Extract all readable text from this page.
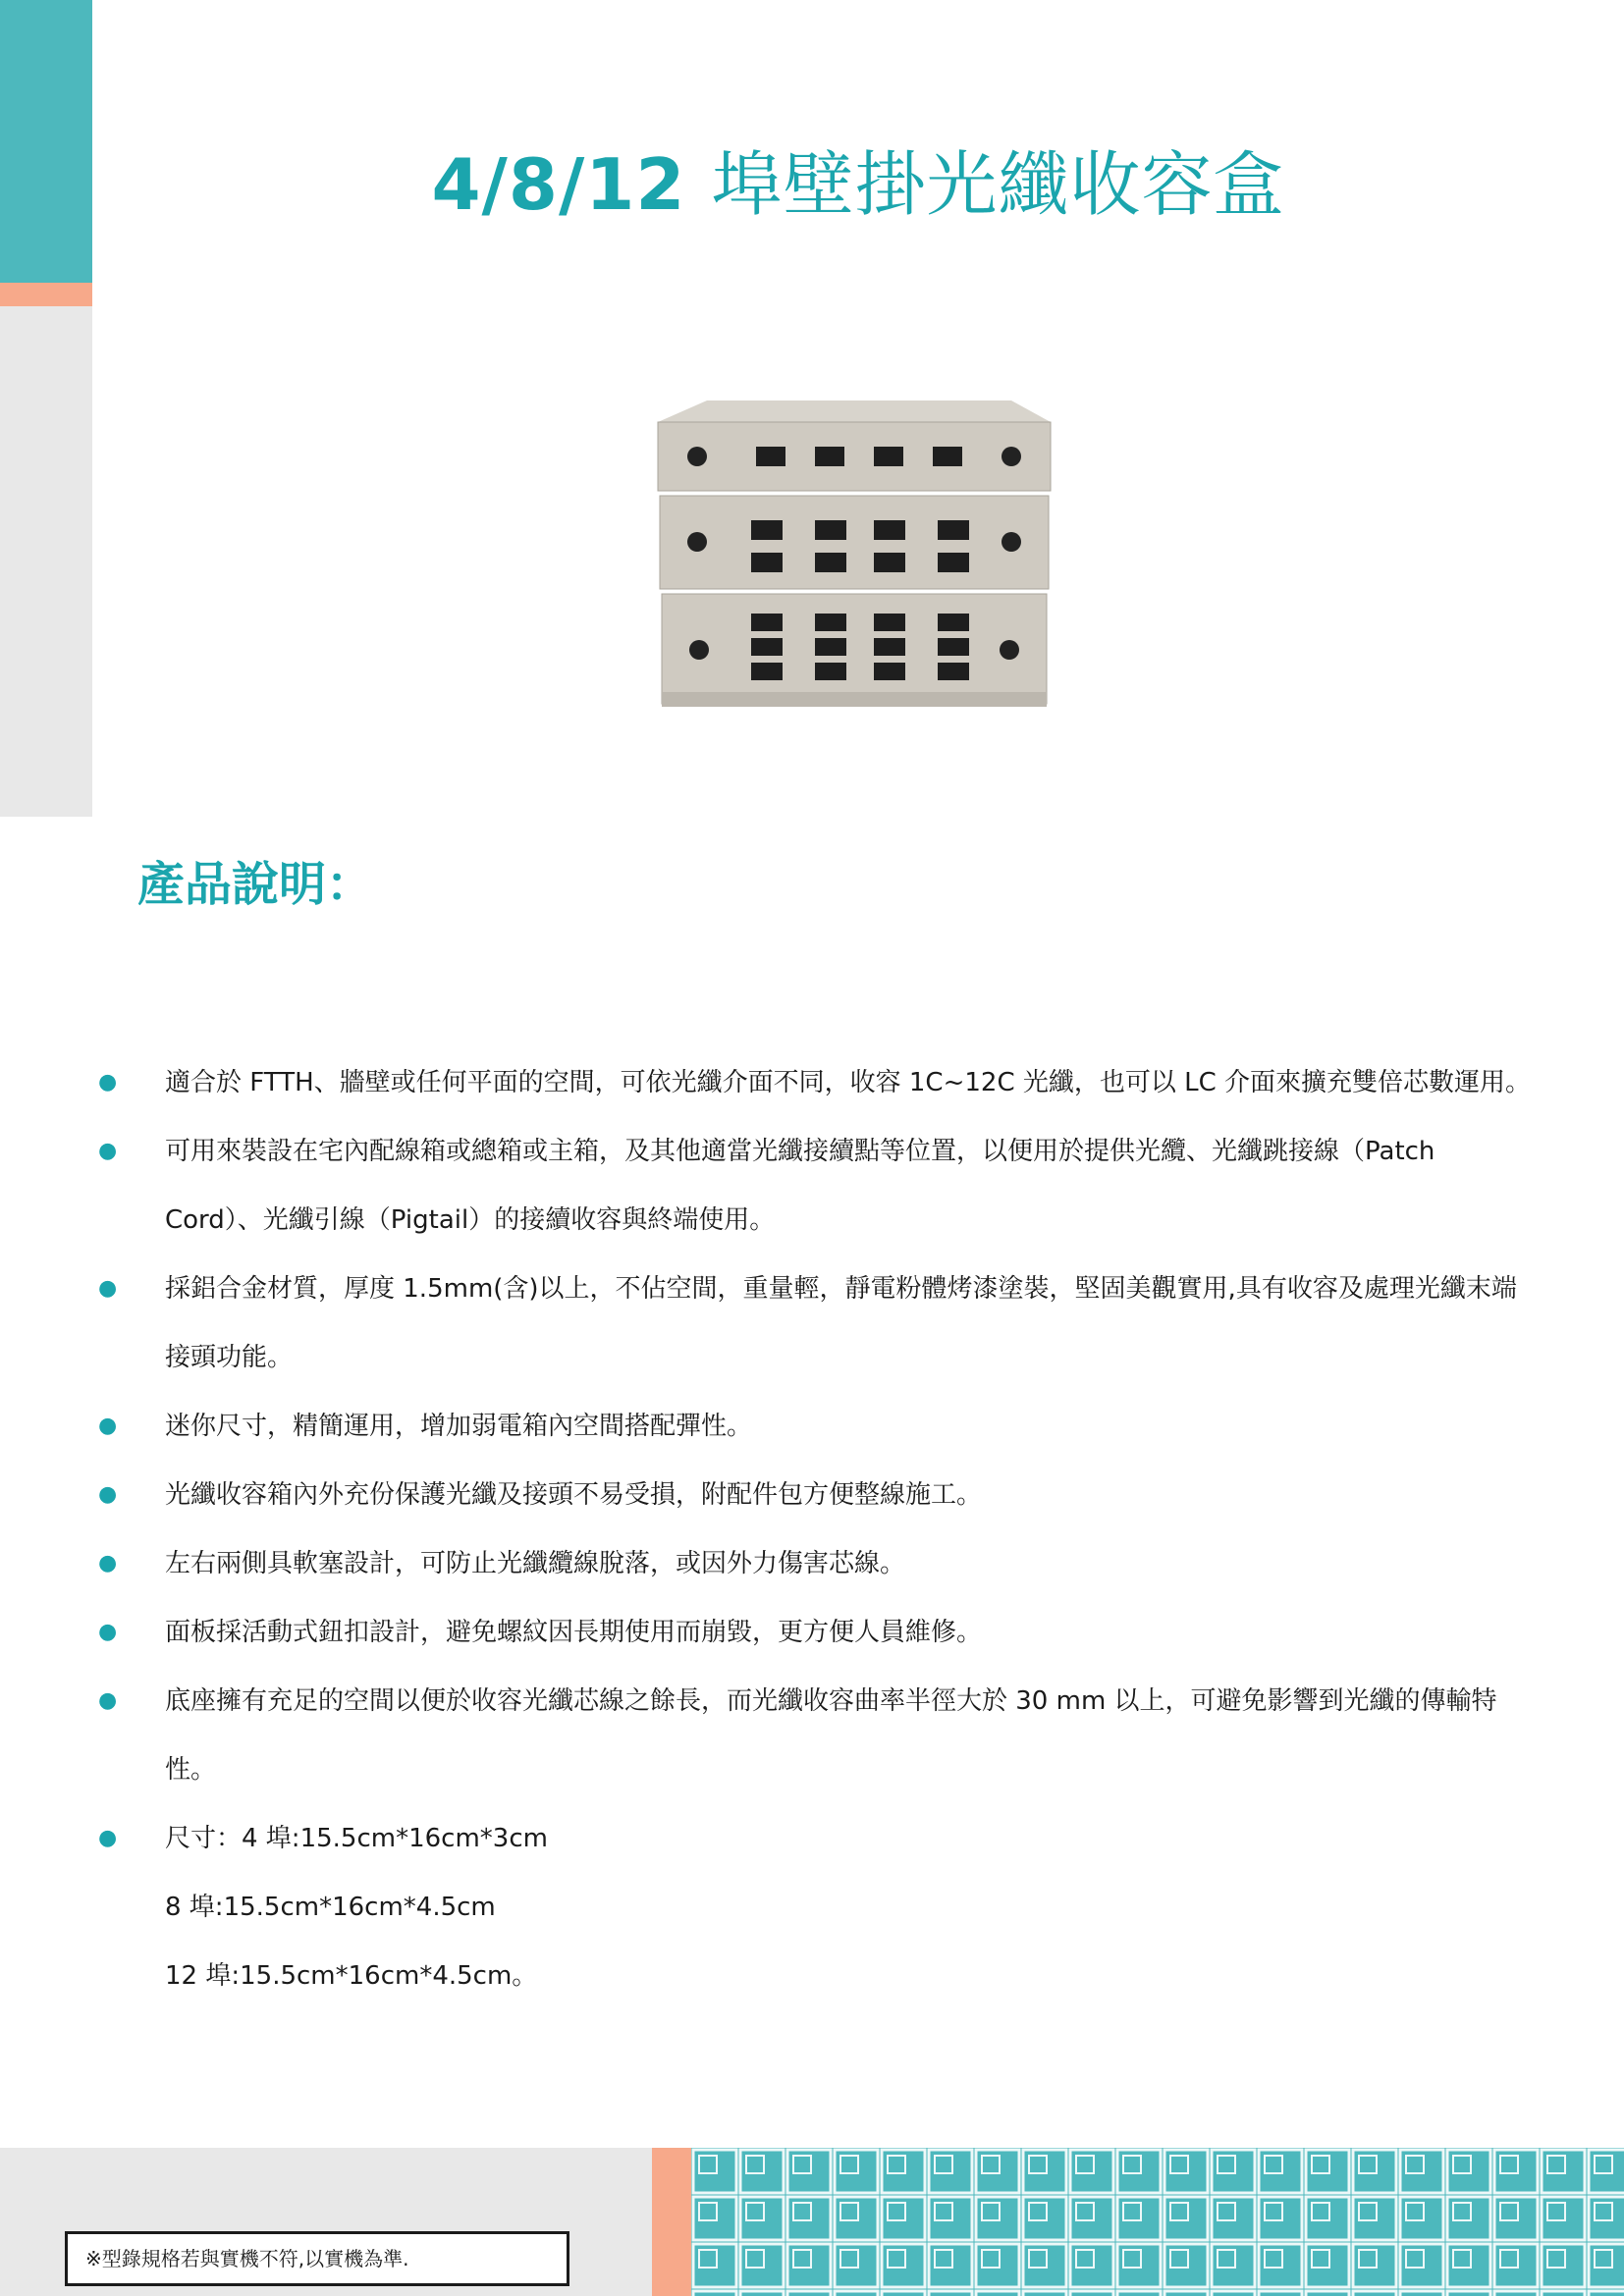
4/8/12 埠壁掛光纖收容盒
產品說明：
● 適合於 FTTH、牆壁或任何平面的空間，可依光纖介面不同，收容 1C~12C 光纖，也可以 LC 介面來擴充雙倍芯數運用。
● 可用來裝設在宅內配線箱或總箱或主箱，及其他適當光纖接續點等位置，以便用於提供光纜、光纖跳接線（Patch Cord）、光纖引線（Pigtail）的接續收容與終端使用。
● 採鋁合金材質，厚度 1.5mm(含)以上，不佔空間，重量輕，靜電粉體烤漆塗裝，堅固美觀實用,具有收容及處理光纖末端接頭功能。
● 迷你尺寸，精簡運用，增加弱電箱內空間搭配彈性。
● 光纖收容箱內外充份保護光纖及接頭不易受損，附配件包方便整線施工。
● 左右兩側具軟塞設計，可防止光纖纜線脫落，或因外力傷害芯線。
● 面板採活動式鈕扣設計，避免螺紋因長期使用而崩毀，更方便人員維修。
● 底座擁有充足的空間以便於收容光纖芯線之餘長，而光纖收容曲率半徑大於 30 mm 以上，可避免影響到光纖的傳輸特性。
● 尺寸：4 埠:15.5cm*16cm*3cm
8 埠:15.5cm*16cm*4.5cm
12 埠:15.5cm*16cm*4.5cm。
※型錄規格若與實機不符,以實機為準.
